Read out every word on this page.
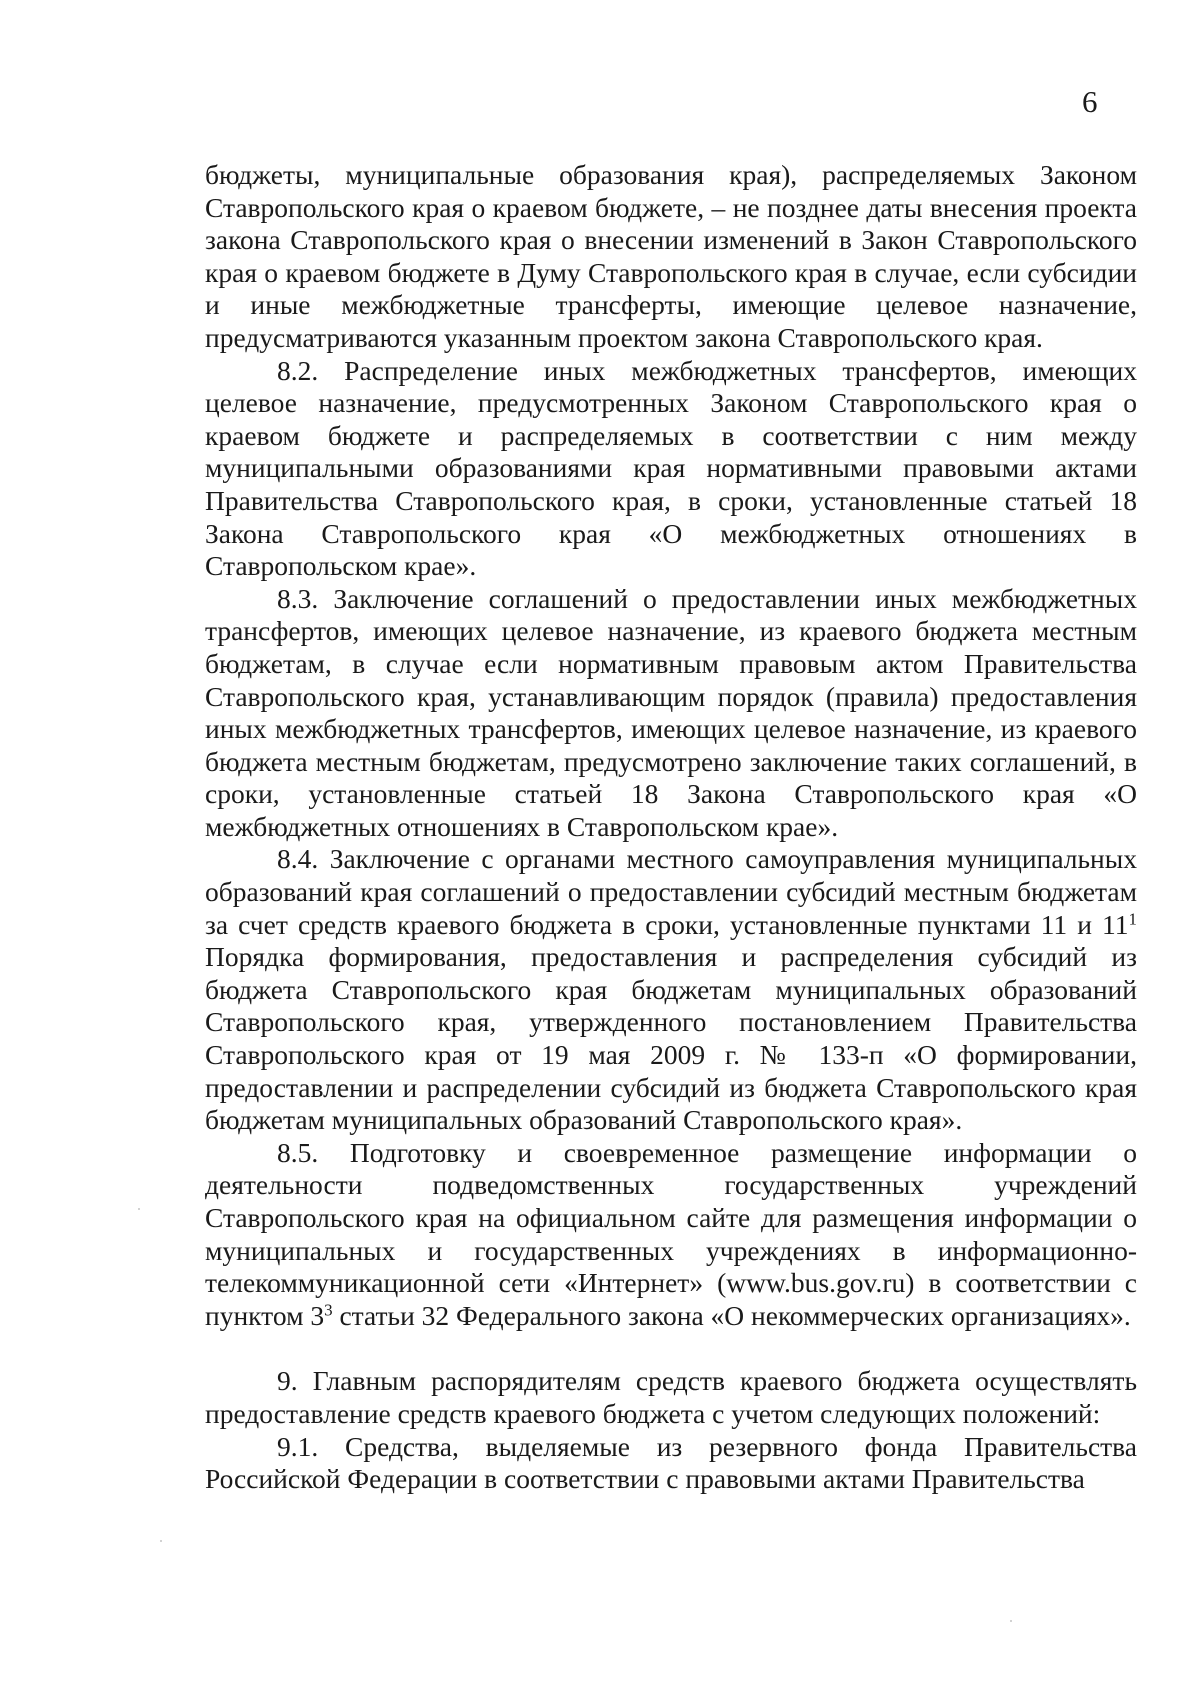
6

бюджеты, муниципальные образования края), распределяемых Законом Ставропольского края о краевом бюджете, – не позднее даты внесения проекта закона Ставропольского края о внесении изменений в Закон Ставропольского края о краевом бюджете в Думу Ставропольского края в случае, если субсидии и иные межбюджетные трансферты, имеющие целевое назначение, предусматриваются указанным проектом закона Ставропольского края.

8.2. Распределение иных межбюджетных трансфертов, имеющих целевое назначение, предусмотренных Законом Ставропольского края о краевом бюджете и распределяемых в соответствии с ним между муниципальными образованиями края нормативными правовыми актами Правительства Ставропольского края, в сроки, установленные статьей 18 Закона Ставропольского края «О межбюджетных отношениях в Ставропольском крае».

8.3. Заключение соглашений о предоставлении иных межбюджетных трансфертов, имеющих целевое назначение, из краевого бюджета местным бюджетам, в случае если нормативным правовым актом Правительства Ставропольского края, устанавливающим порядок (правила) предоставления иных межбюджетных трансфертов, имеющих целевое назначение, из краевого бюджета местным бюджетам, предусмотрено заключение таких соглашений, в сроки, установленные статьей 18 Закона Ставропольского края «О межбюджетных отношениях в Ставропольском крае».

8.4. Заключение с органами местного самоуправления муниципальных образований края соглашений о предоставлении субсидий местным бюджетам за счет средств краевого бюджета в сроки, установленные пунктами 11 и $11^1$ Порядка формирования, предоставления и распределения субсидий из бюджета Ставропольского края бюджетам муниципальных образований Ставропольского края, утвержденного постановлением Правительства Ставропольского края от 19 мая 2009 г. № 133-п «О формировании, предоставлении и распределении субсидий из бюджета Ставропольского края бюджетам муниципальных образований Ставропольского края».

8.5. Подготовку и своевременное размещение информации о деятельности подведомственных государственных учреждений Ставропольского края на официальном сайте для размещения информации о муниципальных и государственных учреждениях в информационно-телекоммуникационной сети «Интернет» (www.bus.gov.ru) в соответствии с пунктом $3^3$ статьи 32 Федерального закона «О некоммерческих организациях».

9. Главным распорядителям средств краевого бюджета осуществлять предоставление средств краевого бюджета с учетом следующих положений:

9.1. Средства, выделяемые из резервного фонда Правительства Российской Федерации в соответствии с правовыми актами Правительства
